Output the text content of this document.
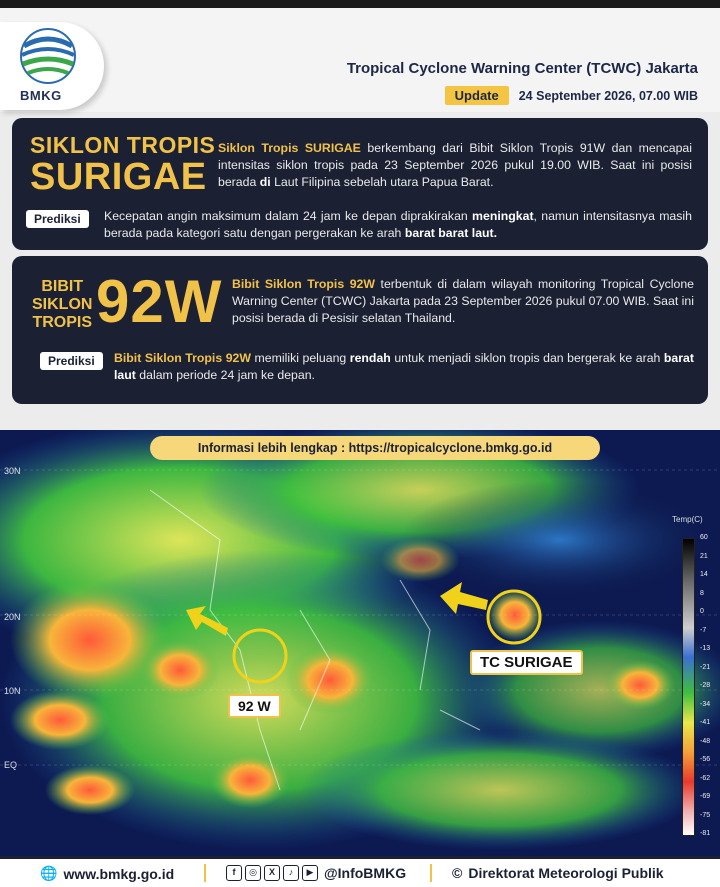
BMKG
Tropical Cyclone Warning Center (TCWC) Jakarta
Update	24 September 2026, 07.00 WIB
SIKLON TROPIS
SURIGAE
Siklon Tropis SURIGAE berkembang dari Bibit Siklon Tropis 91W dan mencapai intensitas siklon tropis pada 23 September 2026 pukul 19.00 WIB. Saat ini posisi berada di Laut Filipina sebelah utara Papua Barat.
Prediksi	Kecepatan angin maksimum dalam 24 jam ke depan diprakirakan meningkat, namun intensitasnya masih berada pada kategori satu dengan pergerakan ke arah barat barat laut.
BIBIT
SIKLON
TROPIS 92W Bibit Siklon Tropis 92W terbentuk di dalam wilayah monitoring Tropical Cyclone Warning Center (TCWC) Jakarta pada 23 September 2026 pukul 07.00 WIB. Saat ini posisi berada di Pesisir selatan Thailand.
Prediksi	Bibit Siklon Tropis 92W memiliki peluang rendah untuk menjadi siklon tropis dan bergerak ke arah barat laut dalam periode 24 jam ke depan.
30N
20N
10N
EQ
Informasi lebih lengkap : https://tropicalcyclone.bmkg.go.id
TC SURIGAE
92 W
Temp(C)
60
21
14
8
0
-7
-13
-21
-28
-34
-41
-48
-56
-62
-69
-75
-81
🌐 www.bmkg.go.id	f	◎	X	♪	▶ @InfoBMKG	© Direktorat Meteorologi Publik
